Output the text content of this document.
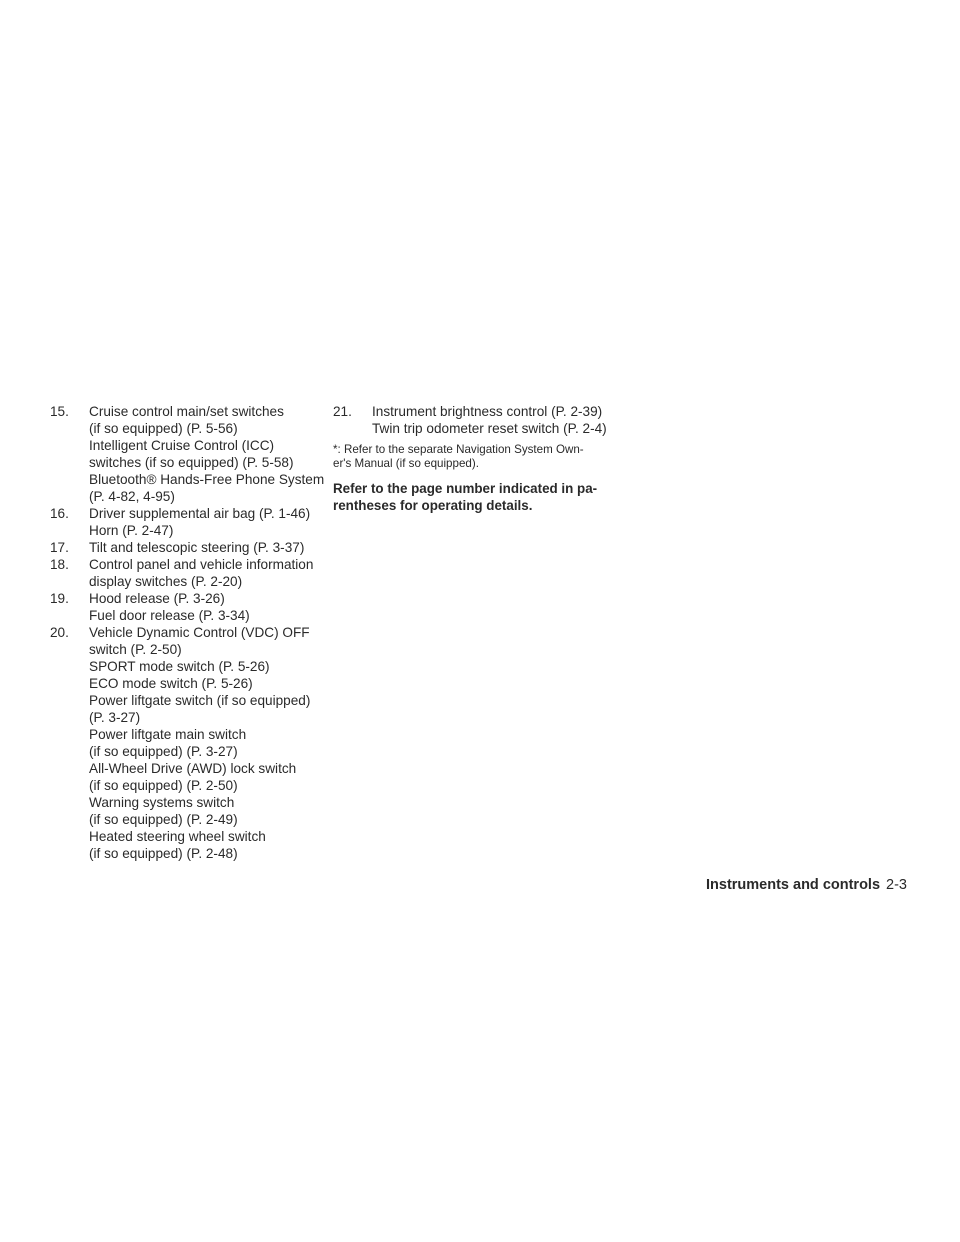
15. Cruise control main/set switches
(if so equipped) (P. 5-56)
Intelligent Cruise Control (ICC)
switches (if so equipped) (P. 5-58)
Bluetooth® Hands-Free Phone System
(P. 4-82, 4-95)
16. Driver supplemental air bag (P. 1-46)
Horn (P. 2-47)
17. Tilt and telescopic steering (P. 3-37)
18. Control panel and vehicle information
display switches (P. 2-20)
19. Hood release (P. 3-26)
Fuel door release (P. 3-34)
20. Vehicle Dynamic Control (VDC) OFF
switch (P. 2-50)
SPORT mode switch (P. 5-26)
ECO mode switch (P. 5-26)
Power liftgate switch (if so equipped)
(P. 3-27)
Power liftgate main switch
(if so equipped) (P. 3-27)
All-Wheel Drive (AWD) lock switch
(if so equipped) (P. 2-50)
Warning systems switch
(if so equipped) (P. 2-49)
Heated steering wheel switch
(if so equipped) (P. 2-48)
21. Instrument brightness control (P. 2-39)
Twin trip odometer reset switch (P. 2-4)
*: Refer to the separate Navigation System Own-
er's Manual (if so equipped).
Refer to the page number indicated in pa-
rentheses for operating details.
Instruments and controls 2-3
